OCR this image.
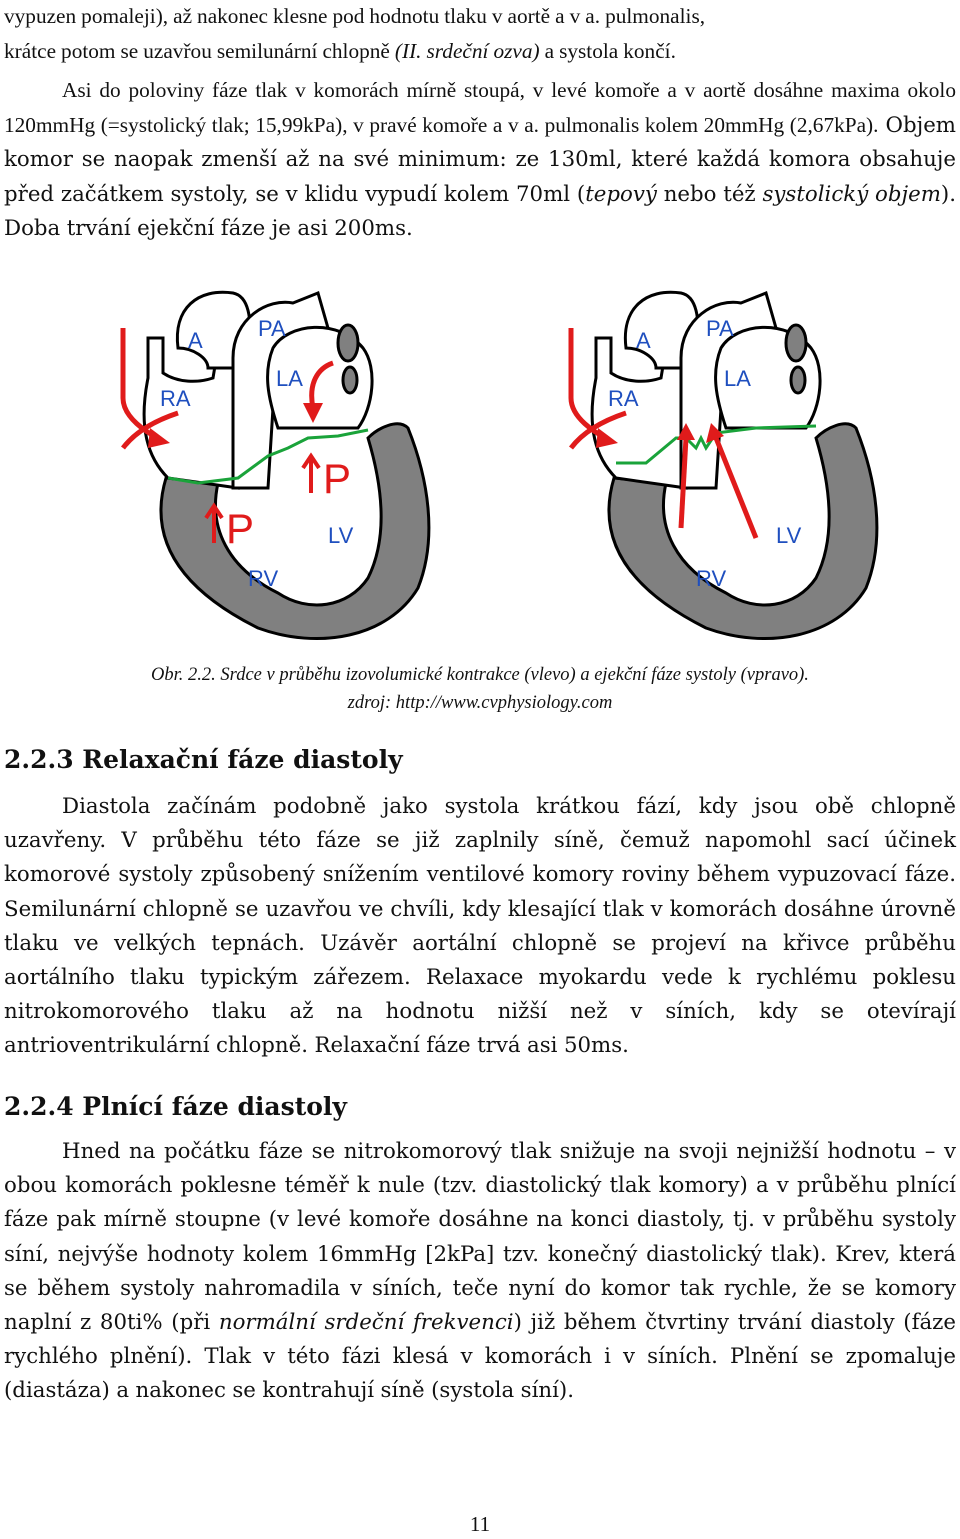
vypuzen pomaleji), až nakonec klesne pod hodnotu tlaku v aortě a v a. pulmonalis,
krátce potom se uzavřou semilunární chlopně (II. srdeční ozva) a systola končí.

Asi do poloviny fáze tlak v komorách mírně stoupá, v levé komoře a v aortě dosáhne maxima okolo 120mmHg (=systolický tlak; 15,99kPa), v pravé komoře a v a. pulmonalis kolem 20mmHg (2,67kPa). Objem komor se naopak zmenší až na své minimum: ze 130ml, které každá komora obsahuje před začátkem systoly, se v klidu vypudí kolem 70ml (tepový nebo též systolický objem). Doba trvání ejekční fáze je asi 200ms.

A	PA
RA
LA
LV
RV
P
P
A	PA
RA
LA
LV
RV

Obr. 2.2. Srdce v průběhu izovolumické kontrakce (vlevo) a ejekční fáze systoly (vpravo).

zdroj: http://www.cvphysiology.com

2.2.3 Relaxační fáze diastoly

Diastola začínám podobně jako systola krátkou fází, kdy jsou obě chlopně uzavřeny. V průběhu této fáze se již zaplnily síně, čemuž napomohl sací účinek komorové systoly způsobený snížením ventilové komory roviny během vypuzovací fáze. Semilunární chlopně se uzavřou ve chvíli, kdy klesající tlak v komorách dosáhne úrovně tlaku ve velkých tepnách. Uzávěr aortální chlopně se projeví na křivce průběhu aortálního tlaku typickým zářezem. Relaxace myokardu vede k rychlému poklesu nitrokomorového tlaku až na hodnotu nižší než v síních, kdy se otevírají antrioventrikulární chlopně. Relaxační fáze trvá asi 50ms.

2.2.4 Plnící fáze diastoly

Hned na počátku fáze se nitrokomorový tlak snižuje na svoji nejnižší hodnotu – v obou komorách poklesne téměř k nule (tzv. diastolický tlak komory) a v průběhu plnící fáze pak mírně stoupne (v levé komoře dosáhne na konci diastoly, tj. v průběhu systoly síní, nejvýše hodnoty kolem 16mmHg [2kPa] tzv. konečný diastolický tlak). Krev, která se během systoly nahromadila v síních, teče nyní do komor tak rychle, že se komory naplní z 80ti% (při normální srdeční frekvenci) již během čtvrtiny trvání diastoly (fáze rychlého plnění). Tlak v této fázi klesá v komorách i v síních. Plnění se zpomaluje (diastáza) a nakonec se kontrahují síně (systola síní).

11
